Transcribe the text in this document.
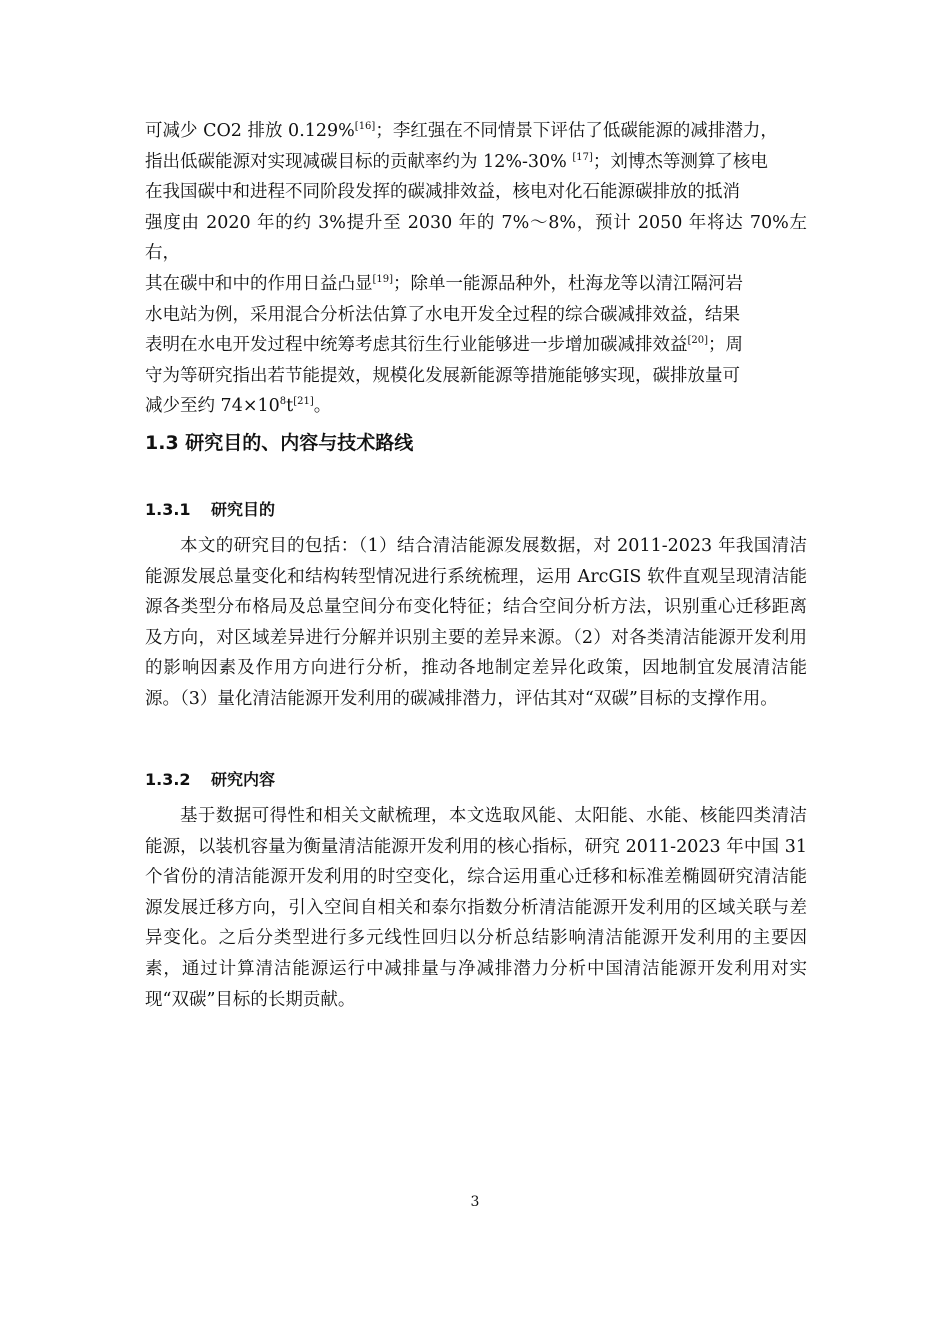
可减少 CO2 排放 0.129%[16]；李红强在不同情景下评估了低碳能源的减排潜力，

指出低碳能源对实现减碳目标的贡献率约为 12%-30% [17]；刘博杰等测算了核电

在我国碳中和进程不同阶段发挥的碳减排效益，核电对化石能源碳排放的抵消

强度由 2020 年的约 3%提升至 2030 年的 7%～8%，预计 2050 年将达 70%左右，

其在碳中和中的作用日益凸显[19]；除单一能源品种外，杜海龙等以清江隔河岩

水电站为例，采用混合分析法估算了水电开发全过程的综合碳减排效益，结果

表明在水电开发过程中统筹考虑其衍生行业能够进一步增加碳减排效益[20]；周

守为等研究指出若节能提效，规模化发展新能源等措施能够实现，碳排放量可

减少至约 $74\times 10^8t[21]$。

1.3 研究目的、内容与技术路线
1.3.1 研究目的

本文的研究目的包括：（1）结合清洁能源发展数据，对 2011-2023 年我国清洁能源发展总量变化和结构转型情况进行系统梳理，运用 ArcGIS 软件直观呈现清洁能源各类型分布格局及总量空间分布变化特征；结合空间分析方法，识别重心迁移距离及方向，对区域差异进行分解并识别主要的差异来源。（2）对各类清洁能源开发利用的影响因素及作用方向进行分析，推动各地制定差异化政策，因地制宜发展清洁能源。（3）量化清洁能源开发利用的碳减排潜力，评估其对“双碳”目标的支撑作用。

1.3.2 研究内容

基于数据可得性和相关文献梳理，本文选取风能、太阳能、水能、核能四类清洁能源，以装机容量为衡量清洁能源开发利用的核心指标，研究 2011-2023 年中国 31 个省份的清洁能源开发利用的时空变化，综合运用重心迁移和标准差椭圆研究清洁能源发展迁移方向，引入空间自相关和泰尔指数分析清洁能源开发利用的区域关联与差异变化。之后分类型进行多元线性回归以分析总结影响清洁能源开发利用的主要因素，通过计算清洁能源运行中减排量与净减排潜力分析中国清洁能源开发利用对实现“双碳”目标的长期贡献。

3
